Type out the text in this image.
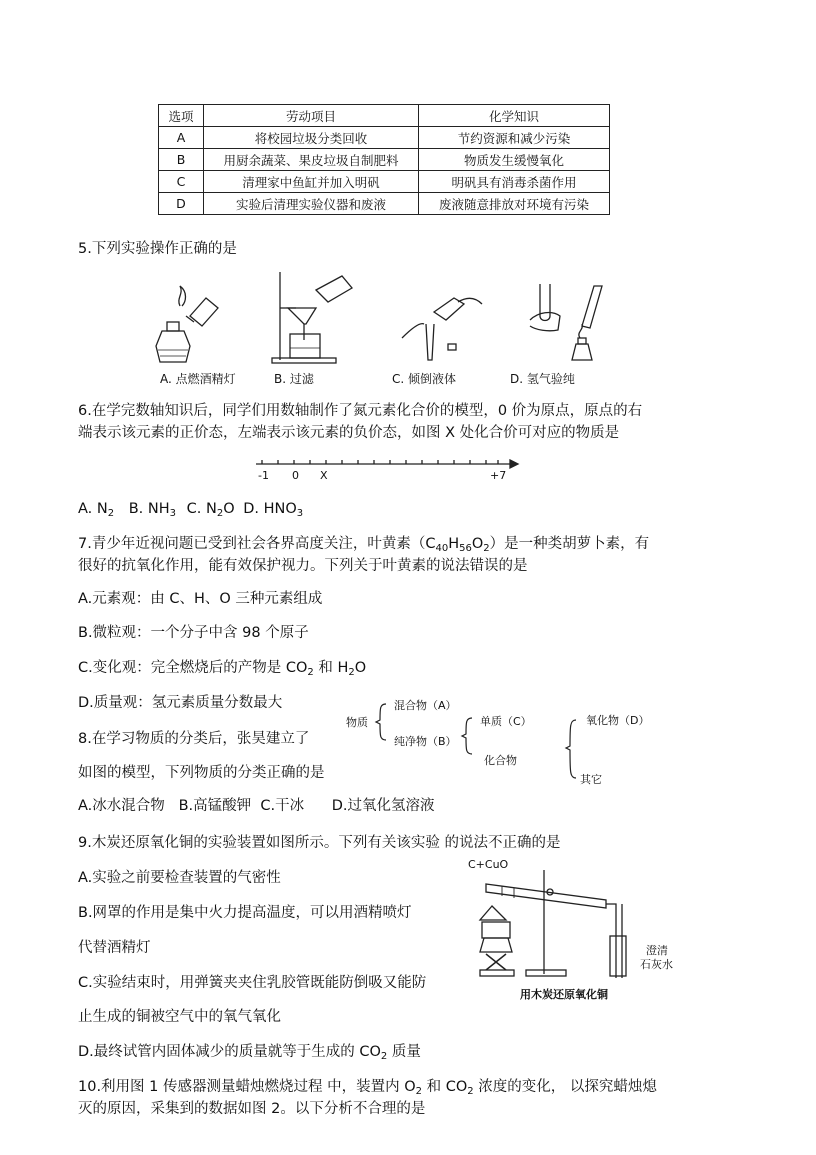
选项	劳动项目	化学知识
A	将校园垃圾分类回收	节约资源和减少污染
B	用厨余蔬菜、果皮垃圾自制肥料	物质发生缓慢氧化
C	清理家中鱼缸并加入明矾	明矾具有消毒杀菌作用
D	实验后清理实验仪器和废液	废液随意排放对环境有污染
5.下列实验操作正确的是
A. 点燃酒精灯	B. 过滤	C. 倾倒液体	D. 氢气验纯
6.在学完数轴知识后，同学们用数轴制作了氮元素化合价的模型，0 价为原点，原点的右
端表示该元素的正价态，左端表示该元素的负价态，如图 X 处化合价可对应的物质是
-1 0 X	+7
A. $N_2$ B. $NH_3$ C. $N_2O$ D. $HNO_3$
7.青少年近视问题已受到社会各界高度关注，叶黄素$(C_{40}H_{56}O_2)$是一种类胡萝卜素，有
很好的抗氧化作用，能有效保护视力。下列关于叶黄素的说法错误的是
A.元素观：由 C、H、O 三种元素组成
B.微粒观：一个分子中含 98 个原子
C.变化观：完全燃烧后的产物是 $CO_2$ 和 $H_2O$
D.质量观：氢元素质量分数最大
8.在学习物质的分类后，张昊建立了
如图的模型，下列物质的分类正确的是
A.冰水混合物   B.高锰酸钾  C.干冰      D.过氧化氢溶液
物质
混合物（A）
纯净物（B）
单质（C）
化合物
氧化物（D）
其它
9.木炭还原氧化铜的实验装置如图所示。下列有关该实验 的说法不正确的是
A.实验之前要检查装置的气密性
B.网罩的作用是集中火力提高温度，可以用酒精喷灯
代替酒精灯
C.实验结束时，用弹簧夹夹住乳胶管既能防倒吸又能防
止生成的铜被空气中的氧气氧化
D.最终试管内固体减少的质量就等于生成的 $CO_2$ 质量
C+CuO
澄清
石灰水
用木炭还原氧化铜
10.利用图 1 传感器测量蜡烛燃烧过程 中，装置内 $O_2$ 和 $CO_2$ 浓度的变化， 以探究蜡烛熄
灭的原因，采集到的数据如图 2。以下分析不合理的是
